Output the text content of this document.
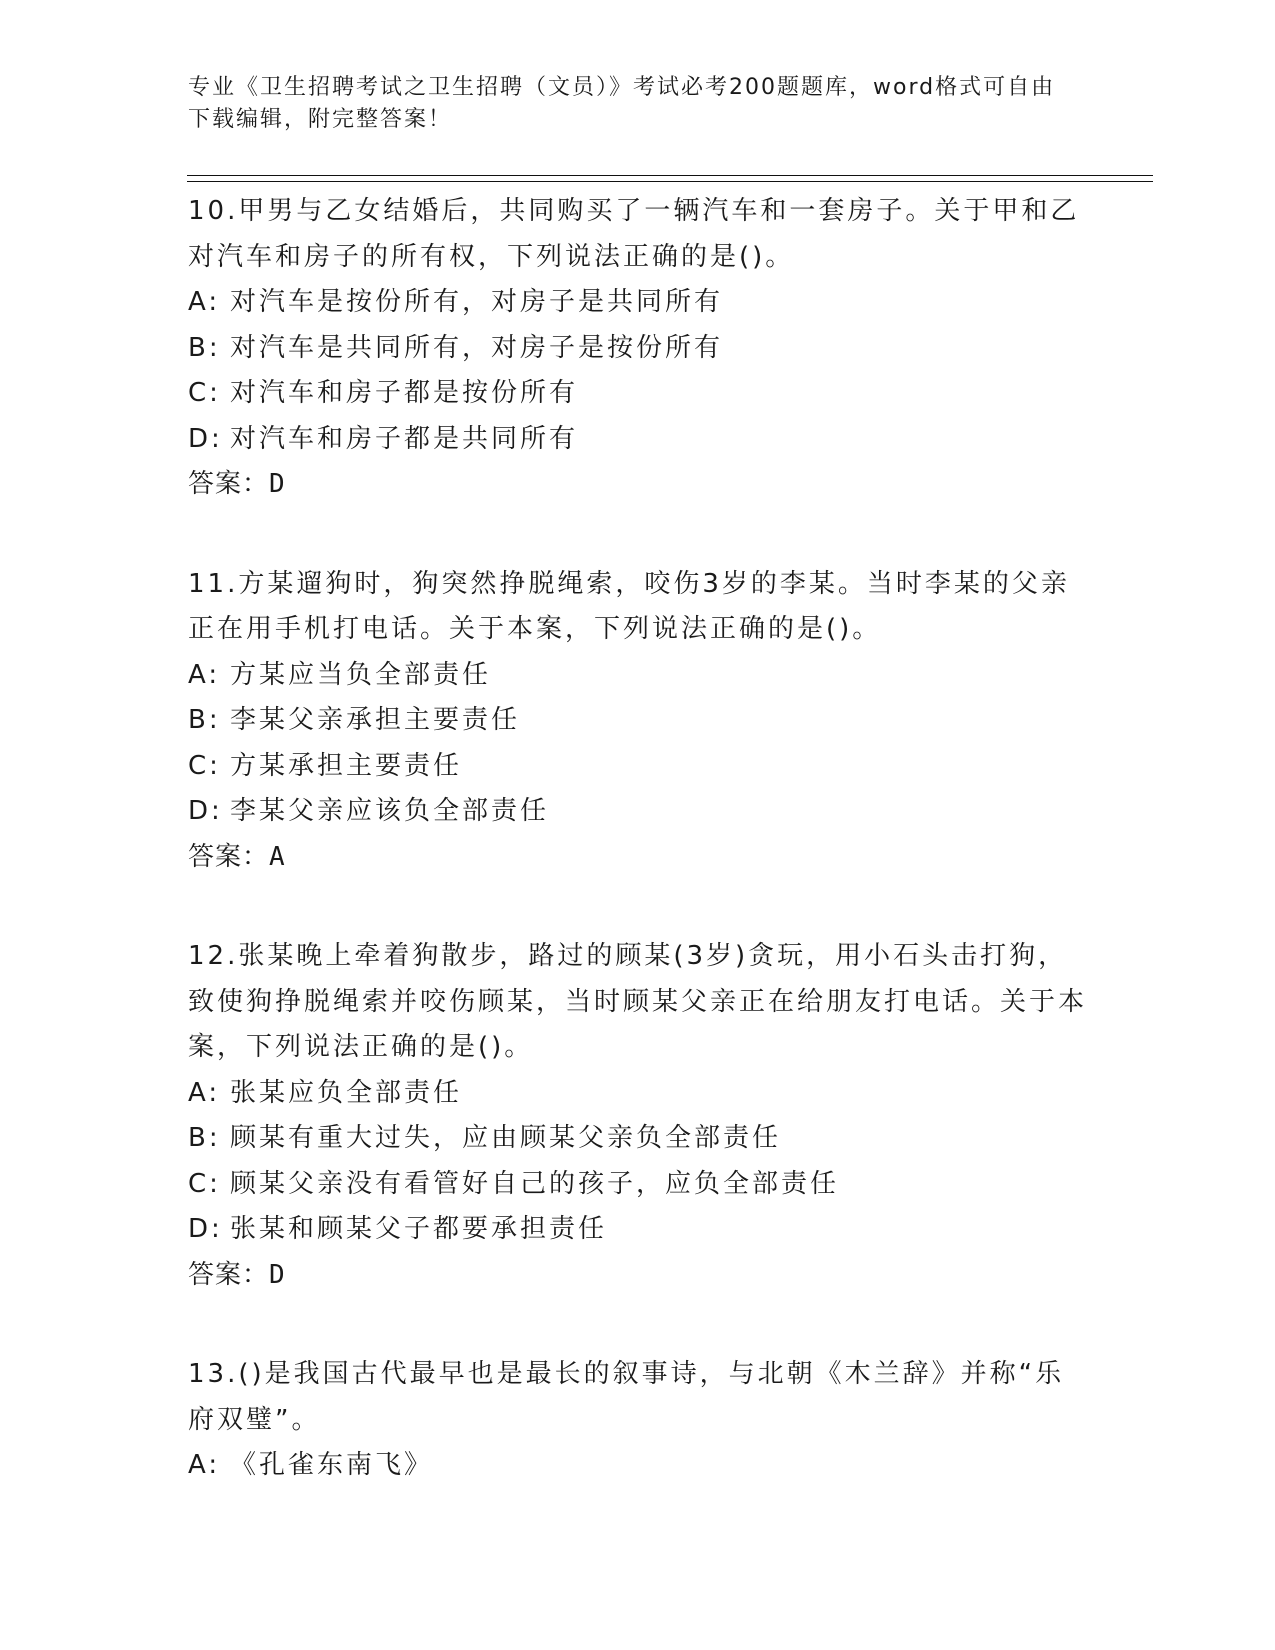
专业《卫生招聘考试之卫生招聘（文员）》考试必考200题题库，word格式可自由下载编辑，附完整答案！
10.甲男与乙女结婚后，共同购买了一辆汽车和一套房子。关于甲和乙对汽车和房子的所有权，下列说法正确的是()。
A: 对汽车是按份所有，对房子是共同所有
B: 对汽车是共同所有，对房子是按份所有
C: 对汽车和房子都是按份所有
D: 对汽车和房子都是共同所有
答案：D
11.方某遛狗时，狗突然挣脱绳索，咬伤3岁的李某。当时李某的父亲正在用手机打电话。关于本案，下列说法正确的是()。
A: 方某应当负全部责任
B: 李某父亲承担主要责任
C: 方某承担主要责任
D: 李某父亲应该负全部责任
答案：A
12.张某晚上牵着狗散步，路过的顾某(3岁)贪玩，用小石头击打狗，致使狗挣脱绳索并咬伤顾某，当时顾某父亲正在给朋友打电话。关于本案，下列说法正确的是()。
A: 张某应负全部责任
B: 顾某有重大过失，应由顾某父亲负全部责任
C: 顾某父亲没有看管好自己的孩子，应负全部责任
D: 张某和顾某父子都要承担责任
答案：D
13.()是我国古代最早也是最长的叙事诗，与北朝《木兰辞》并称“乐府双璧”。
A: 《孔雀东南飞》
